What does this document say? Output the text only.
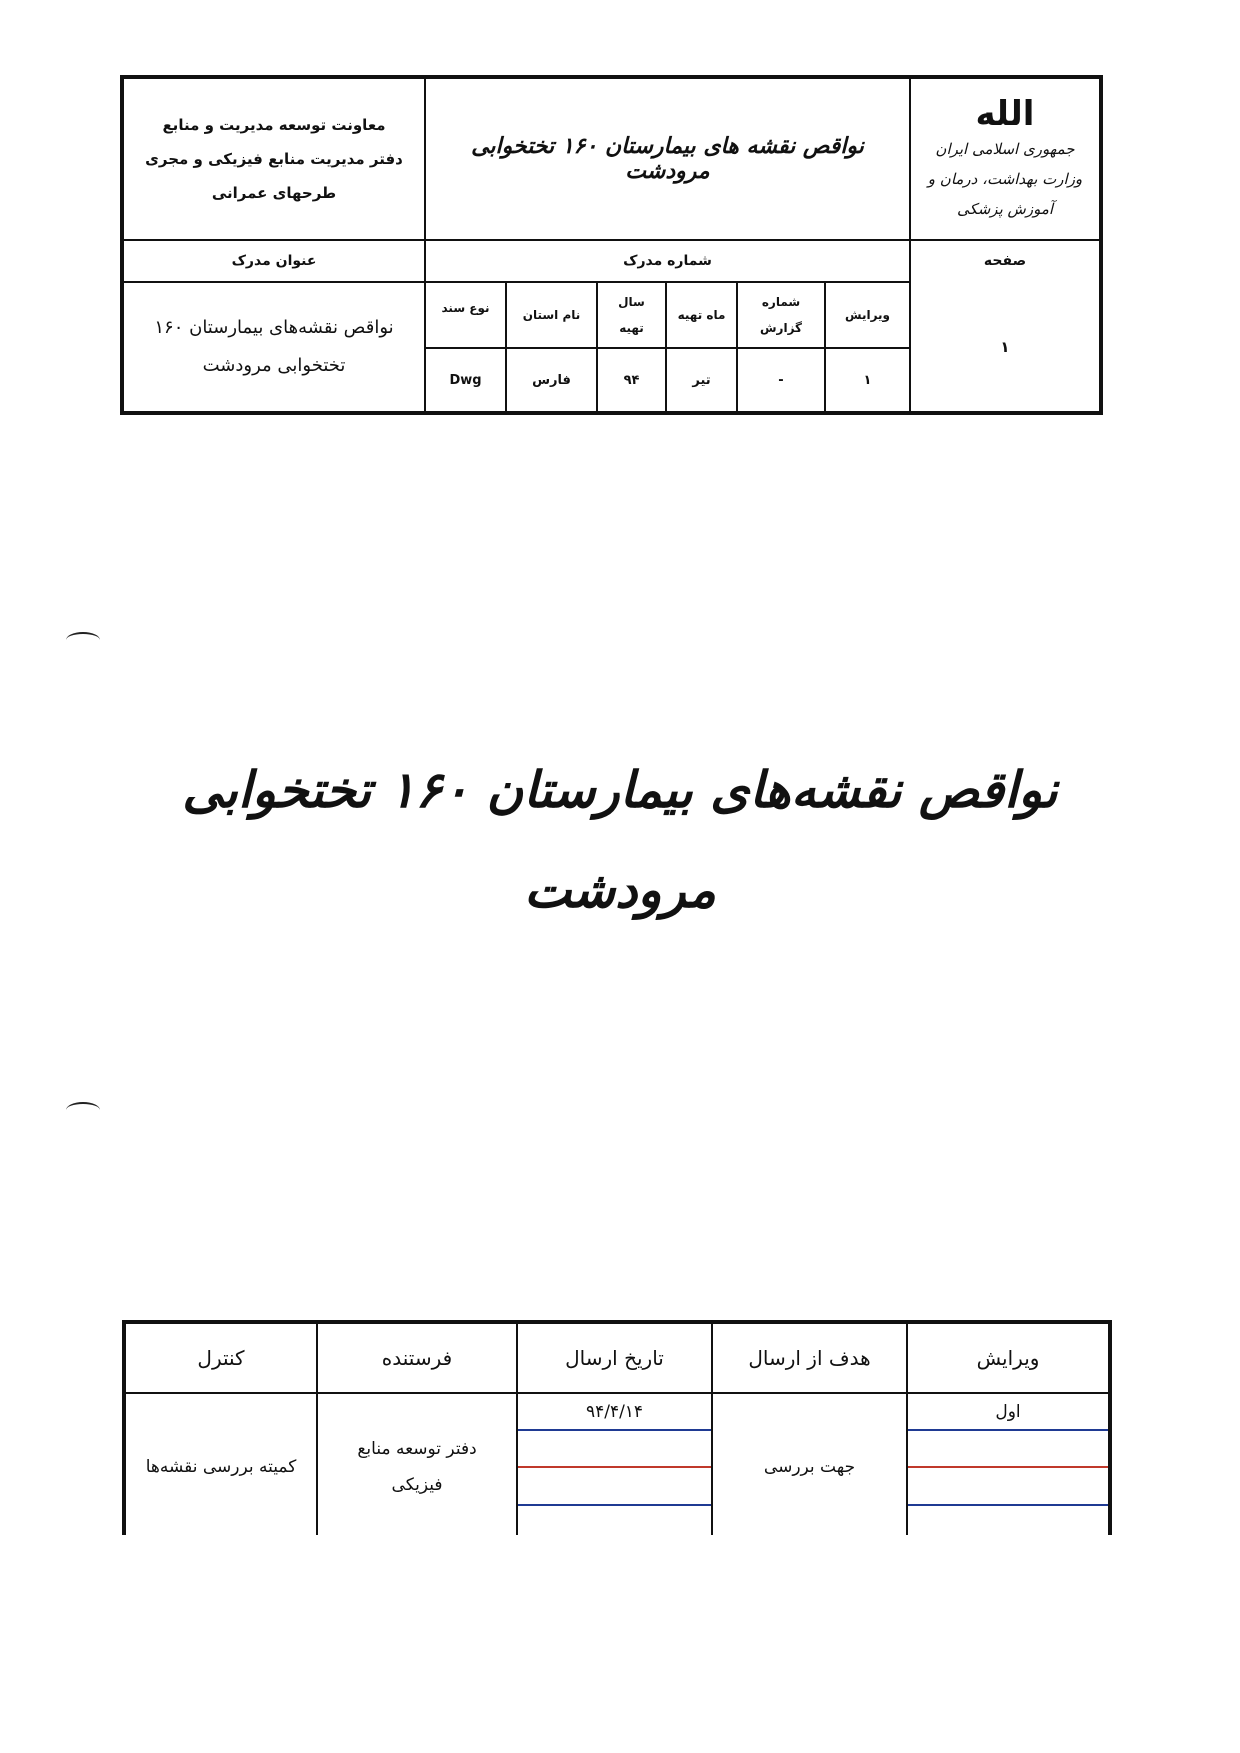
الله
جمهوری اسلامی ایران
وزارت بهداشت، درمان و آموزش پزشکی
نواقص نقشه های بیمارستان ۱۶۰ تختخوابی مرودشت
معاونت توسعه مدیریت و منابع
دفتر مدیریت منابع فیزیکی و مجری
طرحهای عمرانی
صفحه
شماره مدرک
عنوان مدرک
۱
ویرایش
شماره
گزارش
ماه تهیه
سال
تهیه
نام استان
نوع سند
۱
-
تیر
۹۴
فارس
Dwg
نواقص نقشه‌های بیمارستان ۱۶۰
تختخوابی مرودشت
نواقص نقشه‌های بیمارستان ۱۶۰ تختخوابی
مرودشت
ویرایش
هدف از ارسال
تاریخ ارسال
فرستنده
کنترل
اول
جهت بررسی
۹۴/۴/۱۴
دفتر توسعه منابع
فیزیکی
کمیته بررسی نقشه‌ها
